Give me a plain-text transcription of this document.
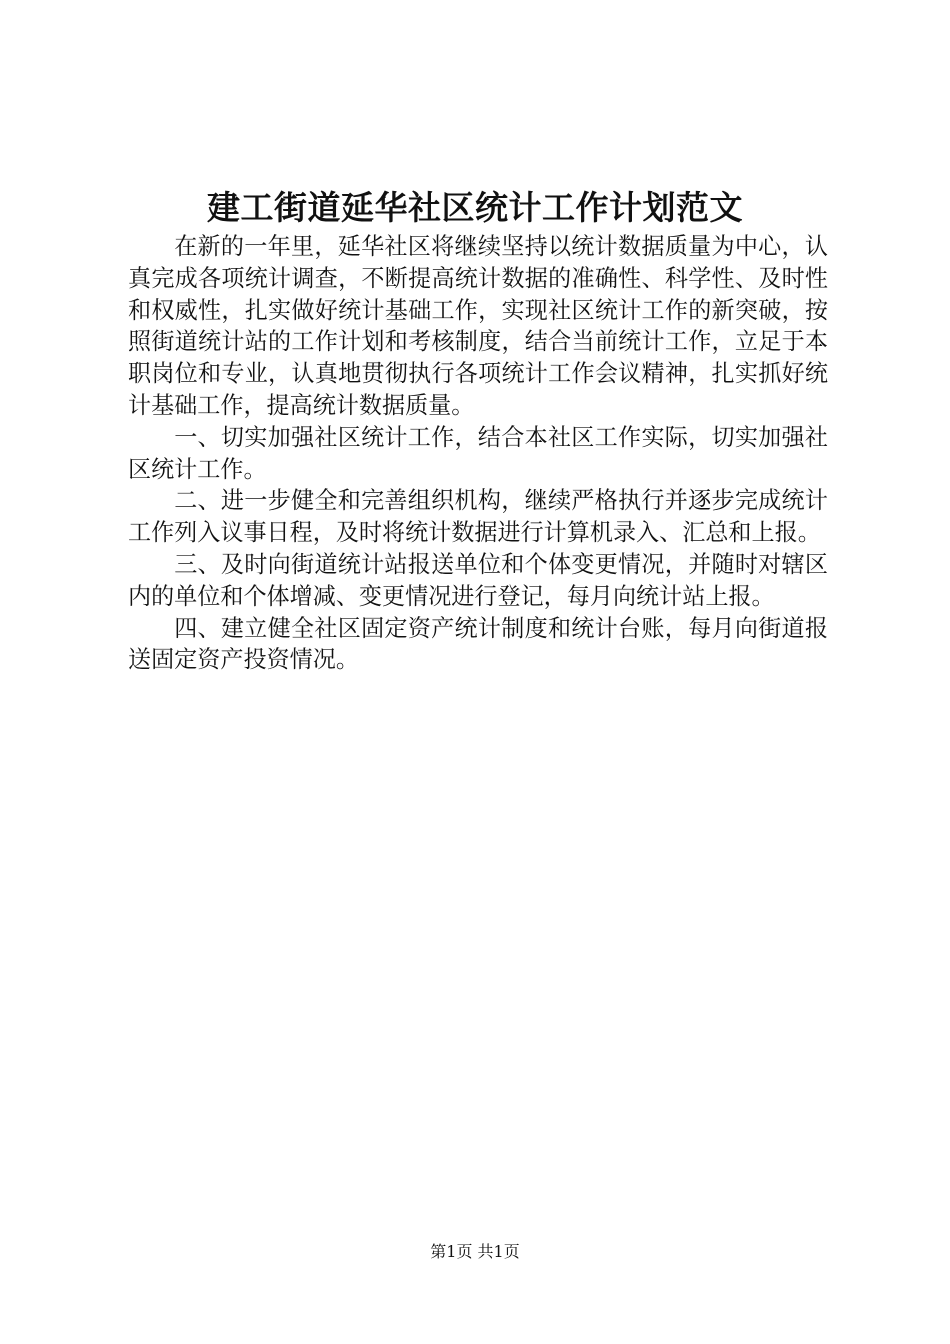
建工街道延华社区统计工作计划范文

在新的一年里，延华社区将继续坚持以统计数据质量为中心，认真完成各项统计调查，不断提高统计数据的准确性、科学性、及时性和权威性，扎实做好统计基础工作，实现社区统计工作的新突破，按照街道统计站的工作计划和考核制度，结合当前统计工作，立足于本职岗位和专业，认真地贯彻执行各项统计工作会议精神，扎实抓好统计基础工作，提高统计数据质量。

一、切实加强社区统计工作，结合本社区工作实际，切实加强社区统计工作。

二、进一步健全和完善组织机构，继续严格执行并逐步完成统计工作列入议事日程，及时将统计数据进行计算机录入、汇总和上报。

三、及时向街道统计站报送单位和个体变更情况，并随时对辖区内的单位和个体增减、变更情况进行登记，每月向统计站上报。

四、建立健全社区固定资产统计制度和统计台账，每月向街道报送固定资产投资情况。

第1页 共1页
